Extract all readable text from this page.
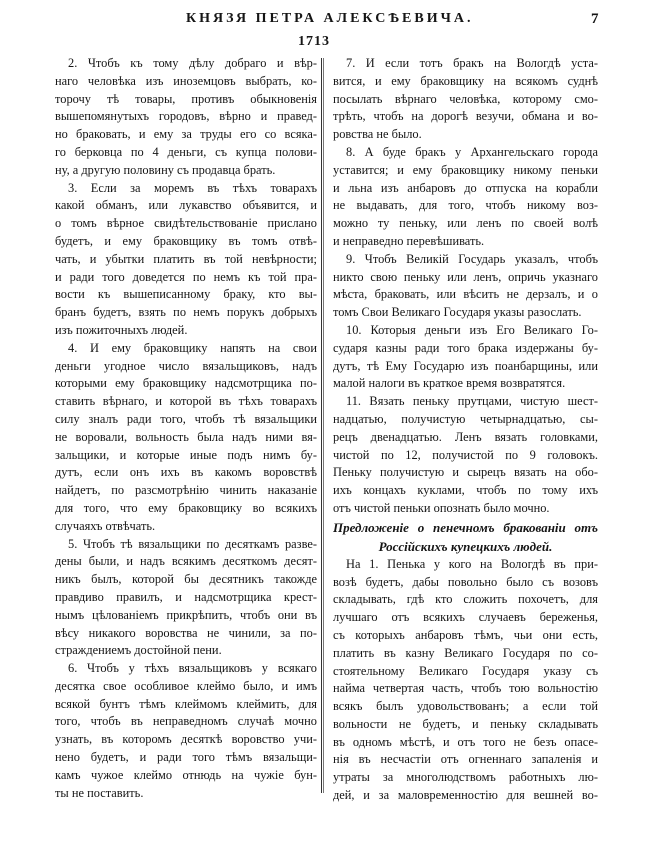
КНЯЗЯ ПЕТРА АЛЕКСѢЕВИЧА.	7
1713
2. Чтобъ къ тому дѣлу добраго и вѣр-
наго человѣка изъ иноземцовъ выбрать, ко-
торочу тѣ товары, противъ обыкновенія
вышепомянутыхъ городовъ, вѣрно и правед-
но браковать, и ему за труды его со всяка-
го берковца по 4 деньги, съ купца полови-
ну, а другую половину съ продавца брать.
3. Если за моремъ въ тѣхъ товарахъ
какой обманъ, или лукавство объявится, и
о томъ вѣрное свидѣтельствованіе прислано
будетъ, и ему браковщику въ томъ отвѣ-
чать, и убытки платить въ той невѣрности;
и ради того доведется по немъ къ той пра-
вости къ вышеписанному браку, кто вы-
бранъ будетъ, взять по немъ порукъ добрыхъ
изъ пожиточныхъ людей.
4. И ему браковщику напять на свои
деньги угодное число вязальщиковъ, надъ
которыми ему браковщику надсмотрщика по-
ставить вѣрнаго, и которой въ тѣхъ товарахъ
силу зналъ ради того, чтобъ тѣ вязальщики
не воровали, вольность была надъ ними вя-
зальщики, и которые иные подъ нимъ бу-
дутъ, если онъ ихъ въ какомъ воровствѣ
найдетъ, по разсмотрѣнію чинить наказаніе
для того, что ему браковщику во всякихъ
случаяхъ отвѣчать.
5. Чтобъ тѣ вязальщики по десяткамъ разве-
дены были, и надъ всякимъ десяткомъ десят-
никъ былъ, которой бы десятникъ такожде
правдиво правилъ, и надсмотрщика крест-
нымъ цѣлованіемъ прикрѣпить, чтобъ они въ
вѣсу никакого воровства не чинили, за по-
страждениемъ достойной пени.
6. Чтобъ у тѣхъ вязальщиковъ у всякаго
десятка свое особливое клеймо было, и имъ
всякой бунтъ тѣмъ клеймомъ клеймить, для
того, чтобъ въ неправедномъ случаѣ мочно
узнать, въ которомъ десяткѣ воровство учи-
нено будетъ, и ради того тѣмъ вязальщи-
камъ чужое клеймо отнюдь на чужіе бун-
ты не поставить.
7. И если тотъ бракъ на Вологдѣ уста-
вится, и ему браковщику на всякомъ суднѣ
посылать вѣрнаго человѣка, которому смо-
трѣть, чтобъ на дорогѣ везучи, обмана и во-
ровства не было.
8. А буде бракъ у Архангельскаго города
уставится; и ему браковщику никому пеньки
и льна изъ анбаровъ до отпуска на корабли
не выдавать, для того, чтобъ никому воз-
можно ту пеньку, или ленъ по своей волѣ
и неправедно перевѣшивать.
9. Чтобъ Великій Государь указалъ, чтобъ
никто свою пеньку или ленъ, опричь указнаго
мѣста, браковать, или вѣсить не дерзалъ, и о
томъ Свои Великаго Государя указы разослать.
10. Которыя деньги изъ Его Великаго Го-
сударя казны ради того брака издержаны бу-
дутъ, тѣ Ему Государю изъ поанбарщины, или
малой налоги въ краткое время возвратятся.
11. Вязать пеньку прутцами, чистую шест-
надцатью, получистую четырнадцатью, сы-
рецъ двенадцатью. Ленъ вязать головками,
чистой по 12, получистой по 9 головокъ.
Пеньку получистую и сырецъ вязать на обо-
ихъ концахъ куклами, чтобъ по тому ихъ
отъ чистой пеньки опознать было мочно.
Предложеніе о пенечномъ бракованіи отъ
Россійскихъ купецкихъ людей.
На 1. Пенька у кого на Вологдѣ въ при-
возѣ будетъ, дабы повольно было съ возовъ
складывать, гдѣ кто сложить похочетъ, для
лучшаго отъ всякихъ случаевъ береженья,
съ которыхъ анбаровъ тѣмъ, чьи они есть,
платить въ казну Великаго Государя по со-
стоятельному Великаго Государя указу съ
найма четвертая часть, чтобъ тою вольностію
всякъ былъ удовольствованъ; а если той
вольности не будетъ, и пеньку складывать
въ одномъ мѣстѣ, и отъ того не безъ опасе-
нія въ несчастіи отъ огненнаго запаленія и
утраты за многолюдствомъ работныхъ лю-
дей, и за маловременностію для вешней во-
